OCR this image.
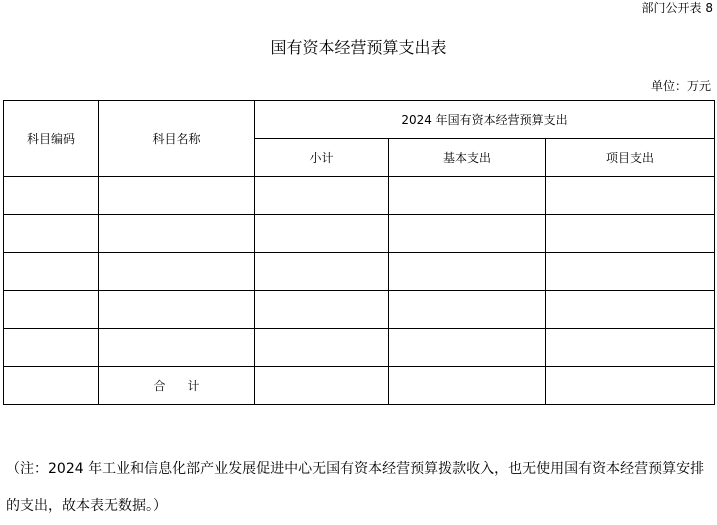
部门公开表 8
国有资本经营预算支出表
单位：万元
科目编码	科目名称	2024 年国有资本经营预算支出		
		小计	基本支出	项目支出

	合 计			
（注：2024 年工业和信息化部产业发展促进中心无国有资本经营预算拨款收入，也无使用国有资本经营预算安排的支出，故本表无数据。）
